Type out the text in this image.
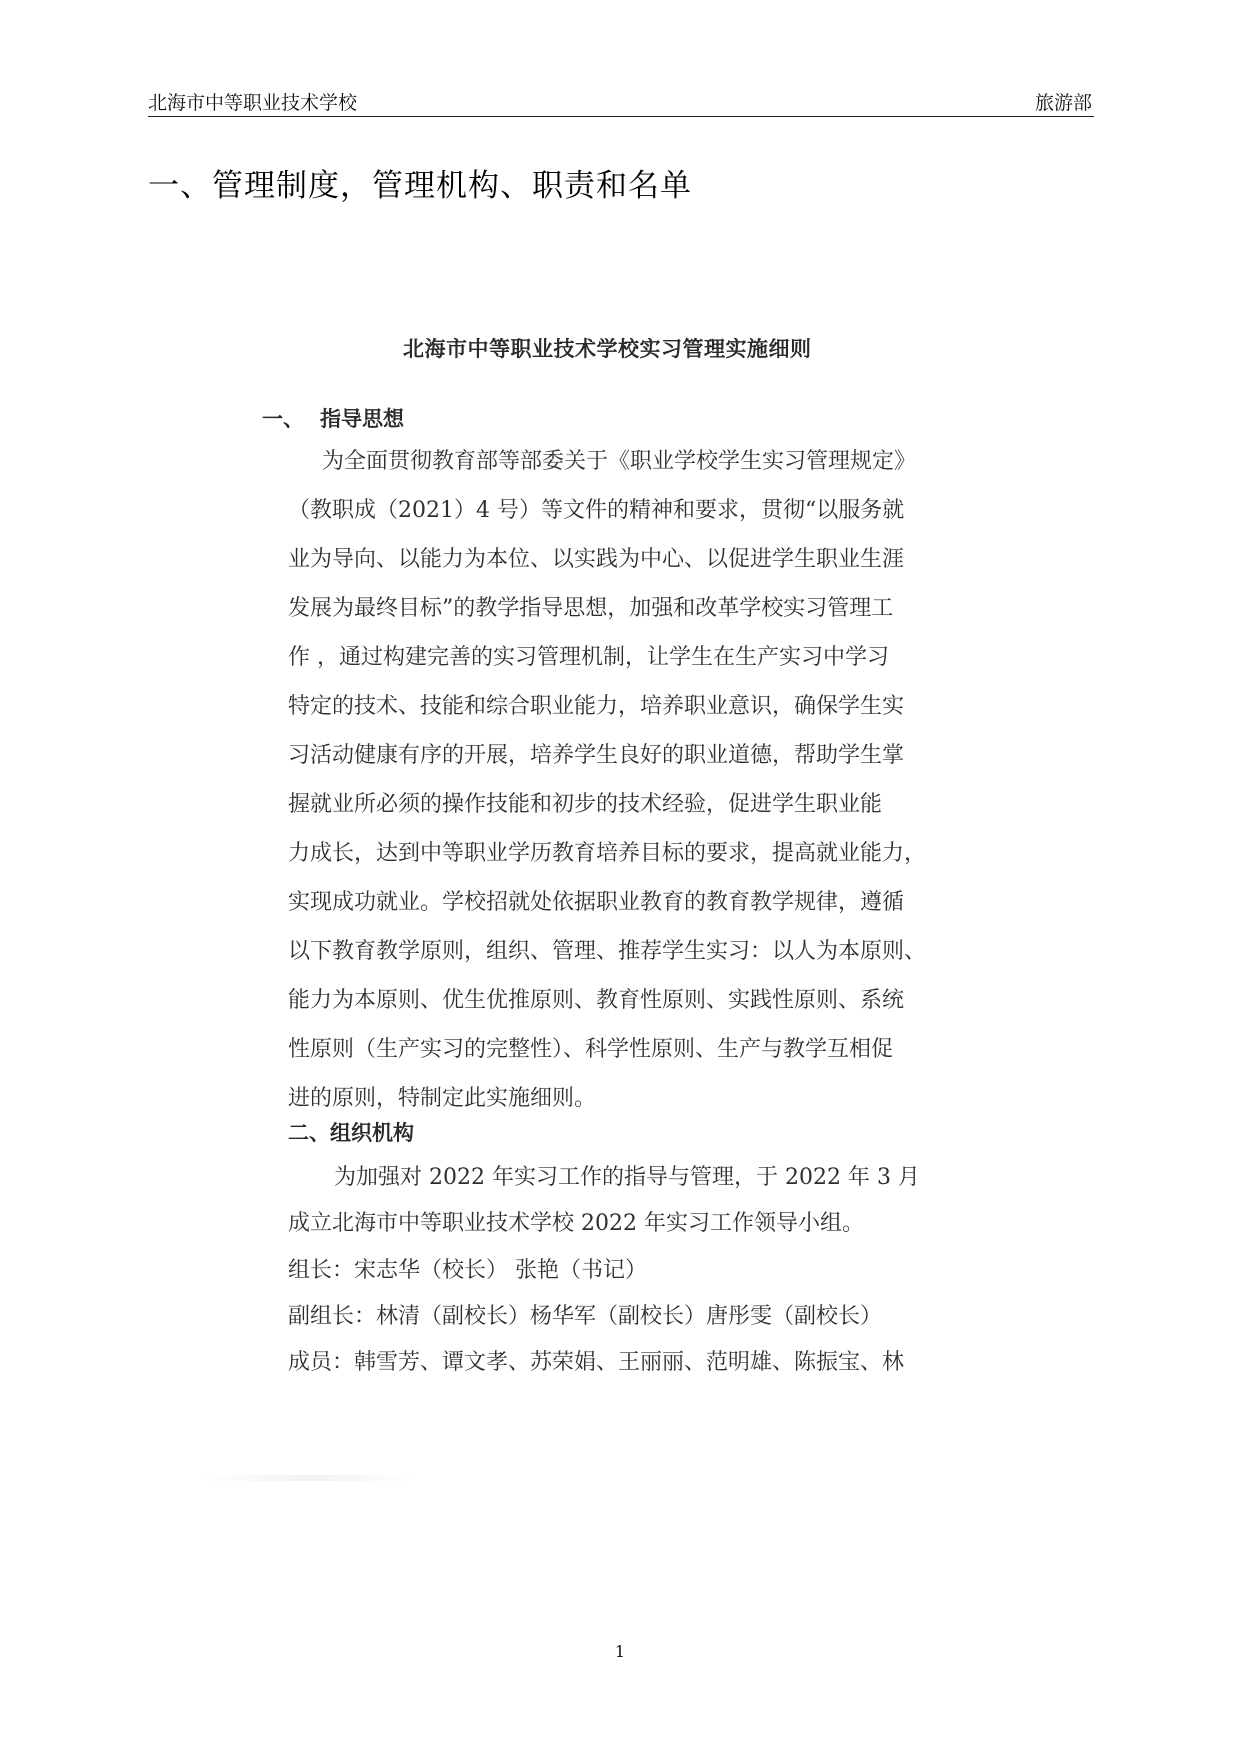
北海市中等职业技术学校	旅游部
一、管理制度，管理机构、职责和名单
北海市中等职业技术学校实习管理实施细则
一、 指导思想
为全面贯彻教育部等部委关于《职业学校学生实习管理规定》
（教职成（2021）4 号）等文件的精神和要求，贯彻“以服务就
业为导向、以能力为本位、以实践为中心、以促进学生职业生涯
发展为最终目标”的教学指导思想，加强和改革学校实习管理工
作 ，通过构建完善的实习管理机制，让学生在生产实习中学习
特定的技术、技能和综合职业能力，培养职业意识，确保学生实
习活动健康有序的开展，培养学生良好的职业道德，帮助学生掌
握就业所必须的操作技能和初步的技术经验，促进学生职业能
力成长，达到中等职业学历教育培养目标的要求，提高就业能力，
实现成功就业。学校招就处依据职业教育的教育教学规律，遵循
以下教育教学原则，组织、管理、推荐学生实习：以人为本原则、
能力为本原则、优生优推原则、教育性原则、实践性原则、系统
性原则（生产实习的完整性）、科学性原则、生产与教学互相促
进的原则，特制定此实施细则。
二、组织机构
为加强对 2022 年实习工作的指导与管理，于 2022 年 3 月
成立北海市中等职业技术学校 2022 年实习工作领导小组。
组长：宋志华（校长） 张艳（书记）
副组长：林清（副校长）杨华军（副校长）唐彤雯（副校长）
成员：韩雪芳、谭文孝、苏荣娟、王丽丽、范明雄、陈振宝、林
1
